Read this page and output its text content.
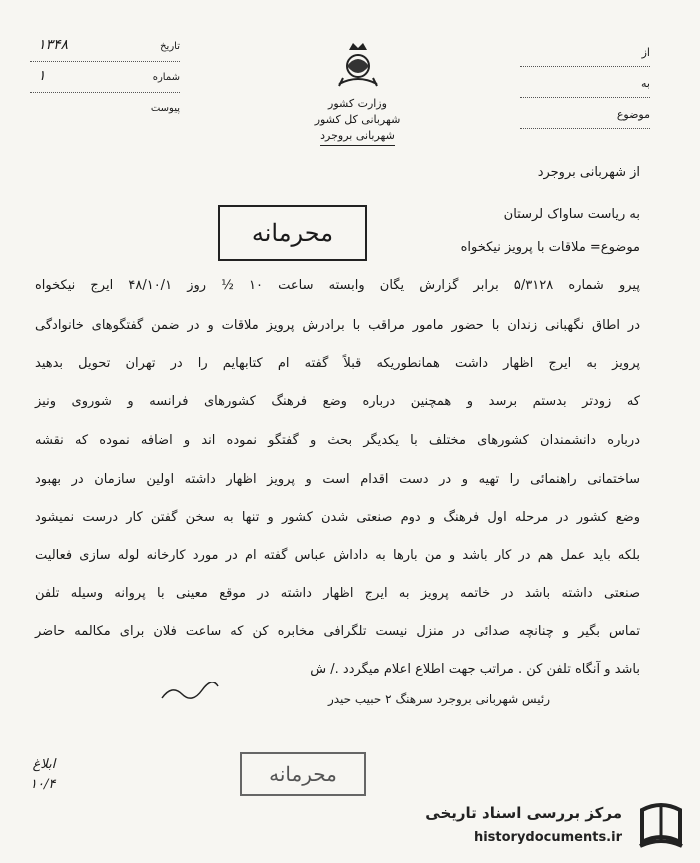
تاریخ
۱۳۴۸
شماره
۱
پیوست	وزارت کشور
شهربانی کل کشور
شهربانی بروجرد
از
به
موضوع
از شهربانی بروجرد
محرمانه
به ریاست ساواک لرستان
موضوع= ملاقات با پرویز نیکخواه
پیرو شماره ۵/۳۱۲۸ برابر گزارش یگان وابسته ساعت ۱۰ ½ روز ۴۸/۱۰/۱ ایرج نیکخواه
در اطاق نگهبانی زندان با حضور مامور مراقب با برادرش پرویز ملاقات و در ضمن گفتگوهای خانوادگی
پرویز به ایرج اظهار داشت همانطوریکه قبلاً گفته ام کتابهایم را در تهران تحویل بدهید
که زودتر بدستم برسد و همچنین درباره وضع فرهنگ کشورهای فرانسه و شوروی ونیز
درباره دانشمندان کشورهای مختلف با یکدیگر بحث و گفتگو نموده اند و اضافه نموده که نقشه
ساختمانی راهنمائی را تهیه و در دست اقدام است و پرویز اظهار داشته اولین سازمان در بهبود
وضع کشور در مرحله اول فرهنگ و دوم صنعتی شدن کشور و تنها به سخن گفتن کار درست نمیشود
بلکه باید عمل هم در کار باشد و من بارها به داداش عباس گفته ام در مورد کارخانه لوله سازی فعالیت
صنعتی داشته باشد در خاتمه پرویز به ایرج اظهار داشته در موقع معینی با پروانه وسیله تلفن
تماس بگیر و چنانچه صدائی در منزل نیست تلگرافی مخابره کن که ساعت فلان برای مکالمه حاضر
باشد و آنگاه تلفن کن . مراتب جهت اطلاع اعلام میگردد ./ ش
رئیس شهربانی بروجرد سرهنگ ۲ حبیب حیدر
محرمانه
ابلاغ
۱۰/۴
مرکز بررسی اسناد تاریخی
historydocuments.ir
